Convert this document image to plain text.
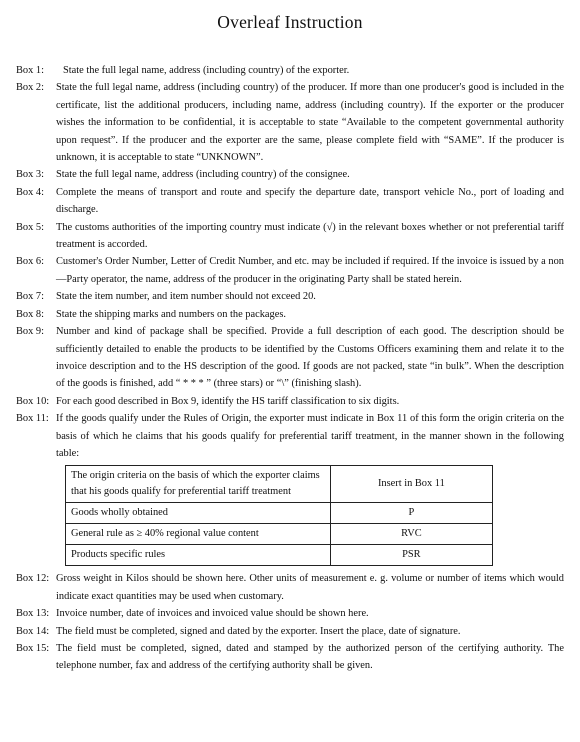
Overleaf Instruction
Box 1: State the full legal name, address (including country) of the exporter.
Box 2: State the full legal name, address (including country) of the producer. If more than one producer's good is included in the certificate, list the additional producers, including name, address (including country). If the exporter or the producer wishes the information to be confidential, it is acceptable to state “Available to the competent governmental authority upon request”. If the producer and the exporter are the same, please complete field with “SAME”. If the producer is unknown, it is acceptable to state “UNKNOWN”.
Box 3: State the full legal name, address (including country) of the consignee.
Box 4: Complete the means of transport and route and specify the departure date, transport vehicle No., port of loading and discharge.
Box 5: The customs authorities of the importing country must indicate (√) in the relevant boxes whether or not preferential tariff treatment is accorded.
Box 6: Customer's Order Number, Letter of Credit Number, and etc. may be included if required. If the invoice is issued by a non—Party operator, the name, address of the producer in the originating Party shall be stated herein.
Box 7: State the item number, and item number should not exceed 20.
Box 8: State the shipping marks and numbers on the packages.
Box 9: Number and kind of package shall be specified. Provide a full description of each good. The description should be sufficiently detailed to enable the products to be identified by the Customs Officers examining them and relate it to the invoice description and to the HS description of the good. If goods are not packed, state “in bulk”. When the description of the goods is finished, add “ * * * ” (three stars) or “\” (finishing slash).
Box 10: For each good described in Box 9, identify the HS tariff classification to six digits.
Box 11: If the goods qualify under the Rules of Origin, the exporter must indicate in Box 11 of this form the origin criteria on the basis of which he claims that his goods qualify for preferential tariff treatment, in the manner shown in the following table:
The origin criteria on the basis of which the exporter claims that his goods qualify for preferential tariff treatment	Insert in Box 11
Goods wholly obtained	P
General rule as ≥ 40% regional value content	RVC
Products specific rules	PSR
Box 12: Gross weight in Kilos should be shown here. Other units of measurement e. g. volume or number of items which would indicate exact quantities may be used when customary.
Box 13: Invoice number, date of invoices and invoiced value should be shown here.
Box 14: The field must be completed, signed and dated by the exporter. Insert the place, date of signature.
Box 15: The field must be completed, signed, dated and stamped by the authorized person of the certifying authority. The telephone number, fax and address of the certifying authority shall be given.
